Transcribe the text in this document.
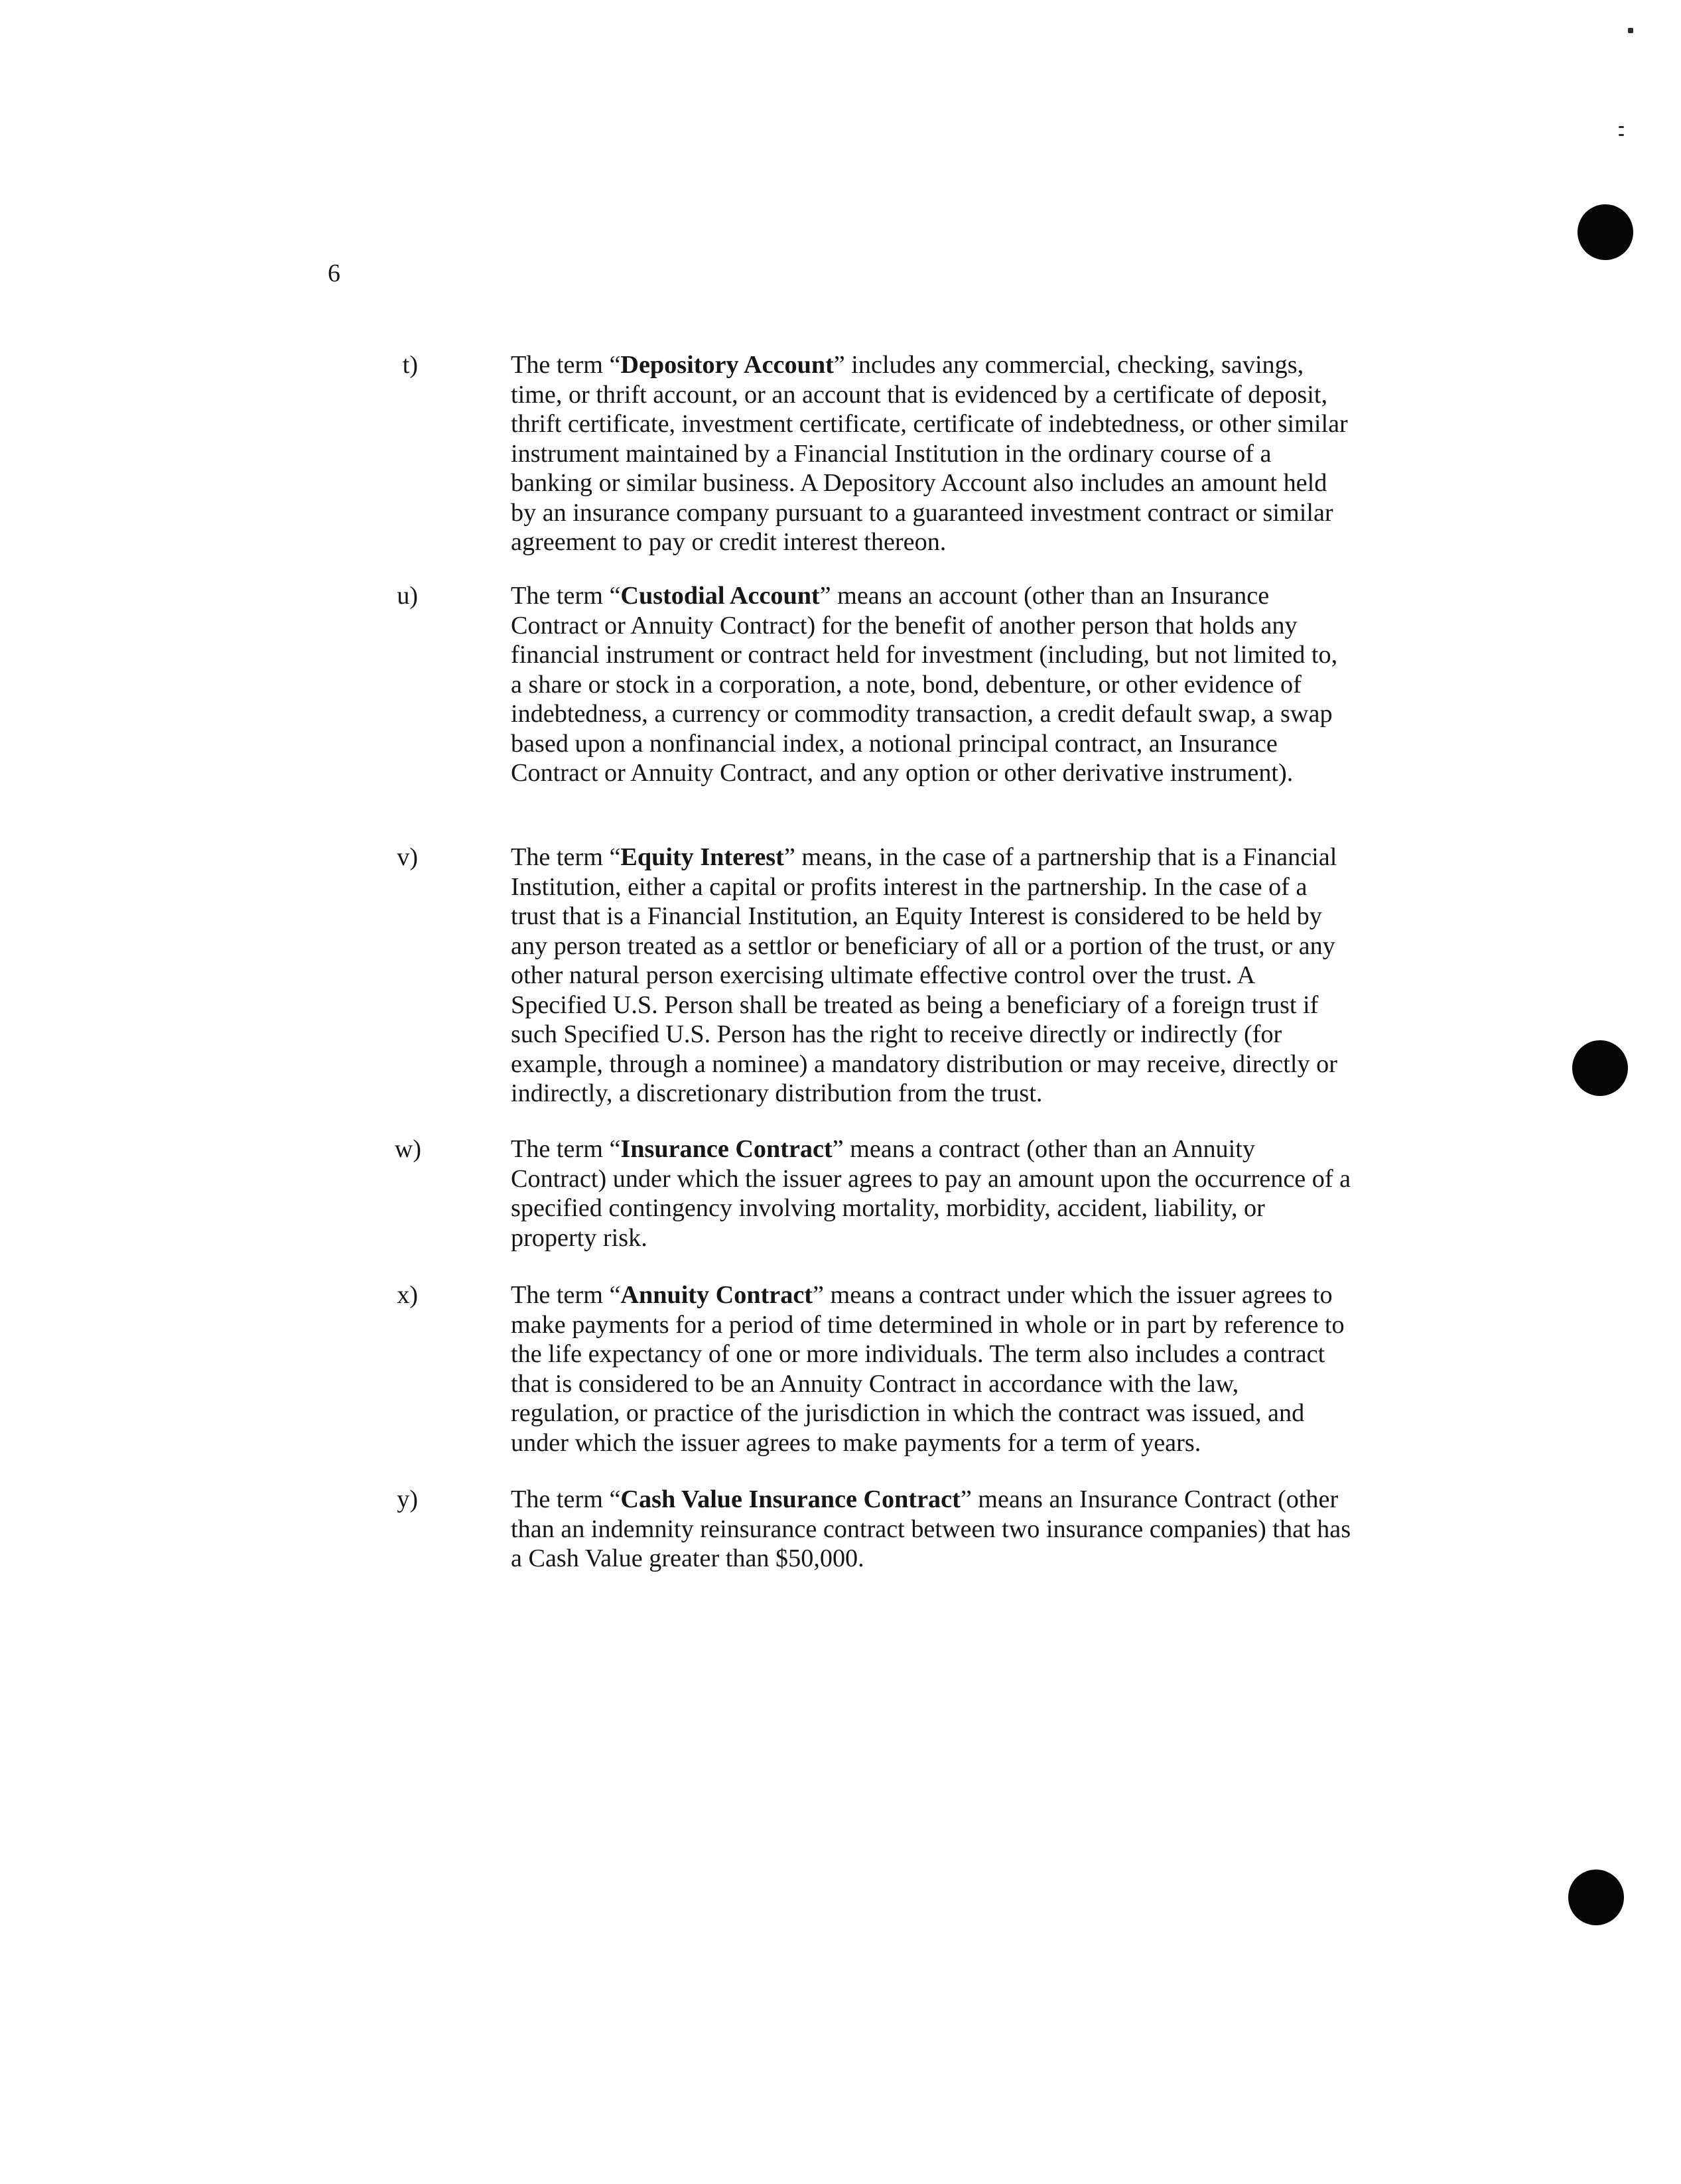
6
t)	The term “Depository Account” includes any commercial, checking, savings, time, or thrift account, or an account that is evidenced by a certificate of deposit, thrift certificate, investment certificate, certificate of indebtedness, or other similar instrument maintained by a Financial Institution in the ordinary course of a banking or similar business. A Depository Account also includes an amount held by an insurance company pursuant to a guaranteed investment contract or similar agreement to pay or credit interest thereon.

u)	The term “Custodial Account” means an account (other than an Insurance Contract or Annuity Contract) for the benefit of another person that holds any financial instrument or contract held for investment (including, but not limited to, a share or stock in a corporation, a note, bond, debenture, or other evidence of indebtedness, a currency or commodity transaction, a credit default swap, a swap based upon a nonfinancial index, a notional principal contract, an Insurance Contract or Annuity Contract, and any option or other derivative instrument).

v)	The term “Equity Interest” means, in the case of a partnership that is a Financial Institution, either a capital or profits interest in the partnership. In the case of a trust that is a Financial Institution, an Equity Interest is considered to be held by any person treated as a settlor or beneficiary of all or a portion of the trust, or any other natural person exercising ultimate effective control over the trust. A Specified U.S. Person shall be treated as being a beneficiary of a foreign trust if such Specified U.S. Person has the right to receive directly or indirectly (for example, through a nominee) a mandatory distribution or may receive, directly or indirectly, a discretionary distribution from the trust.

w)	The term “Insurance Contract” means a contract (other than an Annuity Contract) under which the issuer agrees to pay an amount upon the occurrence of a specified contingency involving mortality, morbidity, accident, liability, or property risk.

x)	The term “Annuity Contract” means a contract under which the issuer agrees to make payments for a period of time determined in whole or in part by reference to the life expectancy of one or more individuals. The term also includes a contract that is considered to be an Annuity Contract in accordance with the law, regulation, or practice of the jurisdiction in which the contract was issued, and under which the issuer agrees to make payments for a term of years.

y)	The term “Cash Value Insurance Contract” means an Insurance Contract (other than an indemnity reinsurance contract between two insurance companies) that has a Cash Value greater than $50,000.
